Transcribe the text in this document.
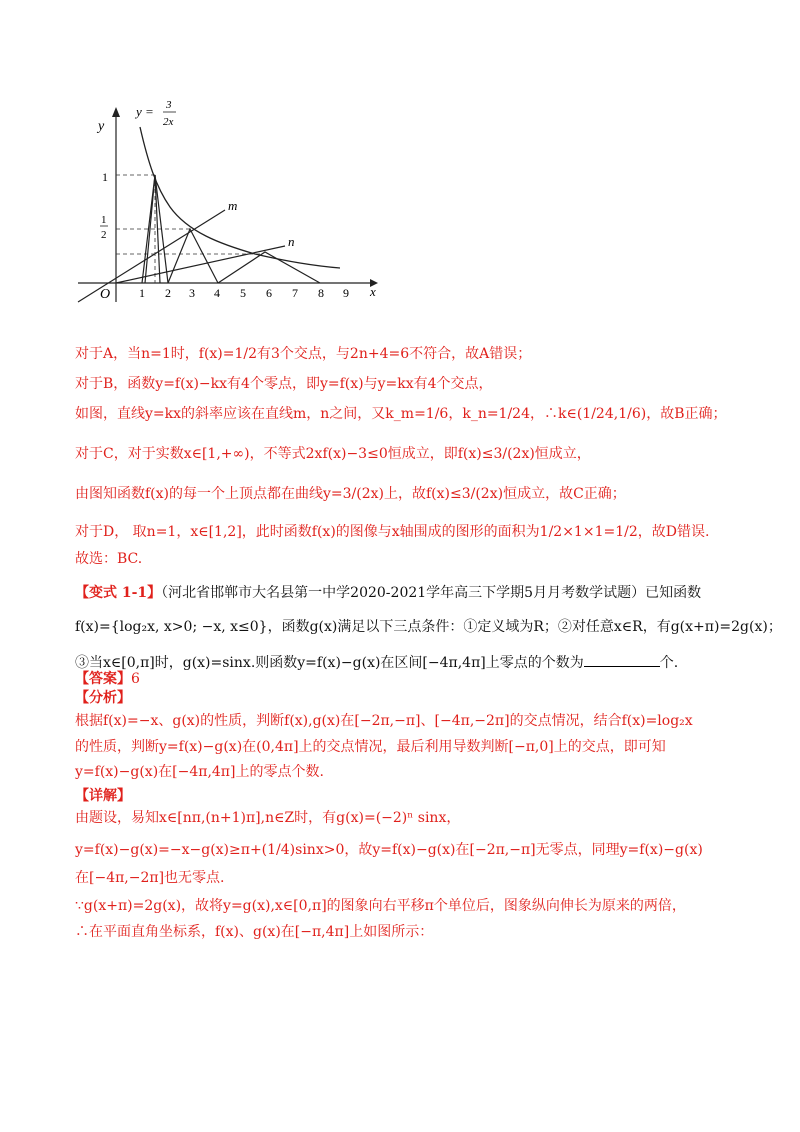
y
x
O 1 2 3 4 5 6 7 8 9
1
1
2
y = 3
2x
m
n
对于A，当n=1时，f(x)=1/2有3个交点，与2n+4=6不符合，故A错误；
对于B，函数y=f(x)−kx有4个零点，即y=f(x)与y=kx有4个交点，
如图，直线y=kx的斜率应该在直线m，n之间，又k_m=1/6，k_n=1/24，∴k∈(1/24,1/6)，故B正确；
对于C，对于实数x∈[1,+∞)，不等式2xf(x)−3≤0恒成立，即f(x)≤3/(2x)恒成立，
由图知函数f(x)的每一个上顶点都在曲线y=3/(2x)上，故f(x)≤3/(2x)恒成立，故C正确；
对于D， 取n=1，x∈[1,2]，此时函数f(x)的图像与x轴围成的图形的面积为1/2×1×1=1/2，故D错误.
故选：BC.
【变式 1-1】（河北省邯郸市大名县第一中学2020-2021学年高三下学期5月月考数学试题）已知函数
f(x)={log₂x, x>0; −x, x≤0}，函数g(x)满足以下三点条件：①定义域为R；②对任意x∈R，有g(x+π)=2g(x)；
③当x∈[0,π]时，g(x)=sinx.则函数y=f(x)−g(x)在区间[−4π,4π]上零点的个数为	个.
【答案】6
【分析】
根据f(x)=−x、g(x)的性质，判断f(x),g(x)在[−2π,−π]、[−4π,−2π]的交点情况，结合f(x)=log₂x
的性质，判断y=f(x)−g(x)在(0,4π]上的交点情况，最后利用导数判断[−π,0]上的交点，即可知
y=f(x)−g(x)在[−4π,4π]上的零点个数.
【详解】
由题设，易知x∈[nπ,(n+1)π],n∈Z时，有g(x)=(−2)ⁿ sinx，
y=f(x)−g(x)=−x−g(x)≥π+(1/4)sinx>0，故y=f(x)−g(x)在[−2π,−π]无零点，同理y=f(x)−g(x)
在[−4π,−2π]也无零点.
∵g(x+π)=2g(x)，故将y=g(x),x∈[0,π]的图象向右平移π个单位后，图象纵向伸长为原来的两倍，
∴在平面直角坐标系，f(x)、g(x)在[−π,4π]上如图所示：
